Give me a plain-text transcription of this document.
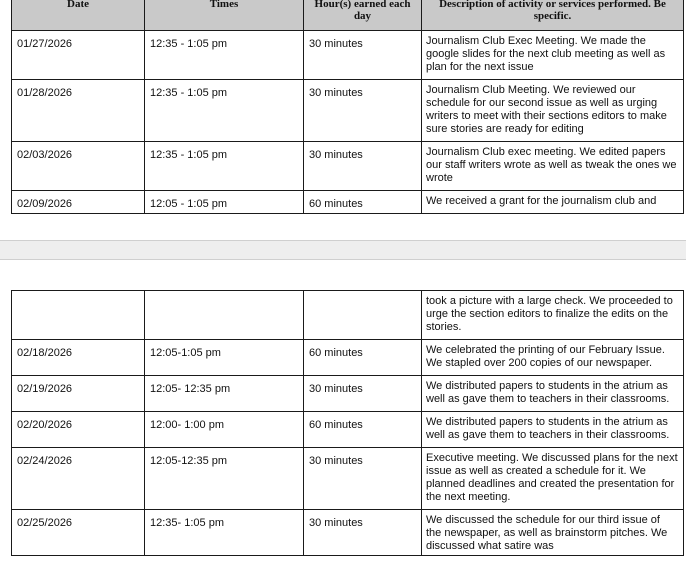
Date	Times	Hour(s) earned each day	Description of activity or services performed. Be specific.
01/27/2026	12:35 - 1:05 pm	30 minutes	Journalism Club Exec Meeting. We made the google slides for the next club meeting as well as plan for the next issue
01/28/2026	12:35 - 1:05 pm	30 minutes	Journalism Club Meeting. We reviewed our schedule for our second issue as well as urging writers to meet with their sections editors to make sure stories are ready for editing
02/03/2026	12:35 - 1:05 pm	30 minutes	Journalism Club exec meeting. We edited papers our staff writers wrote as well as tweak the ones we wrote
02/09/2026	12:05 - 1:05 pm	60 minutes	We received a grant for the journalism club and
			took a picture with a large check. We proceeded to urge the section editors to finalize the edits on the stories.
02/18/2026	12:05-1:05 pm	60 minutes	We celebrated the printing of our February Issue. We stapled over 200 copies of our newspaper.
02/19/2026	12:05- 12:35 pm	30 minutes	We distributed papers to students in the atrium as well as gave them to teachers in their classrooms.
02/20/2026	12:00- 1:00 pm	60 minutes	We distributed papers to students in the atrium as well as gave them to teachers in their classrooms.
02/24/2026	12:05-12:35 pm	30 minutes	Executive meeting. We discussed plans for the next issue as well as created a schedule for it. We planned deadlines and created the presentation for the next meeting.
02/25/2026	12:35- 1:05 pm	30 minutes	We discussed the schedule for our third issue of the newspaper, as well as brainstorm pitches. We discussed what satire was
